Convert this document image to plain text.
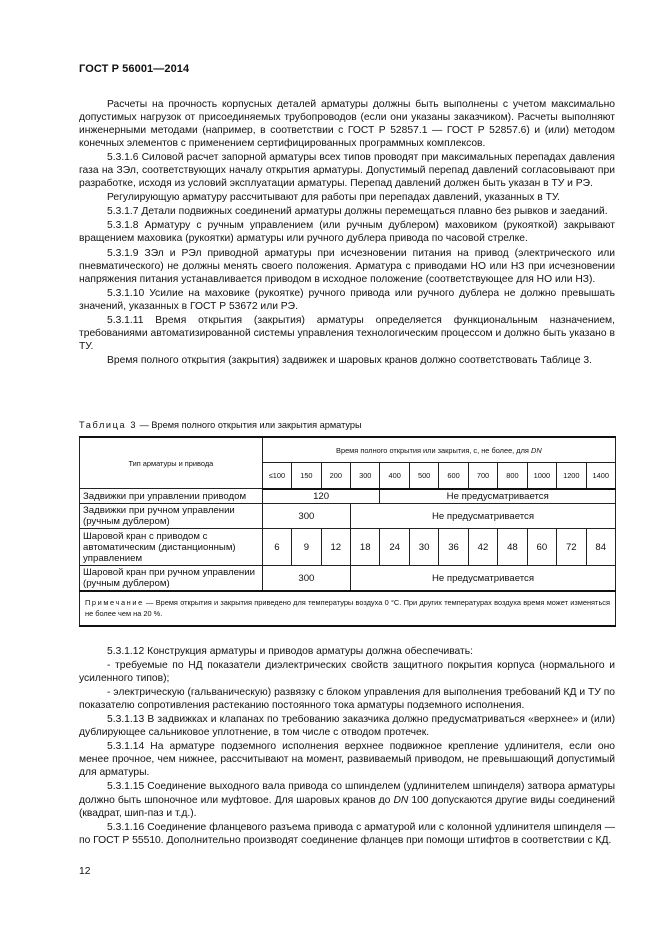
ГОСТ Р 56001—2014

Расчеты на прочность корпусных деталей арматуры должны быть выполнены с учетом максимально допустимых нагрузок от присоединяемых трубопроводов (если они указаны заказчиком). Расчеты выполняют инженерными методами (например, в соответствии с ГОСТ Р 52857.1 — ГОСТ Р 52857.6) и (или) методом конечных элементов с применением сертифицированных программных комплексов.

5.3.1.6 Силовой расчет запорной арматуры всех типов проводят при максимальных перепадах давления газа на ЗЭл, соответствующих началу открытия арматуры. Допустимый перепад давлений согласовывают при разработке, исходя из условий эксплуатации арматуры. Перепад давлений должен быть указан в ТУ и РЭ.

Регулирующую арматуру рассчитывают для работы при перепадах давлений, указанных в ТУ.

5.3.1.7 Детали подвижных соединений арматуры должны перемещаться плавно без рывков и заеданий.

5.3.1.8 Арматуру с ручным управлением (или ручным дублером) маховиком (рукояткой) закрывают вращением маховика (рукоятки) арматуры или ручного дублера привода по часовой стрелке.

5.3.1.9 ЗЭл и РЭл приводной арматуры при исчезновении питания на привод (электрического или пневматического) не должны менять своего положения. Арматура с приводами НО или НЗ при исчезновении напряжения питания устанавливается приводом в исходное положение (соответствующее для НО или НЗ).

5.3.1.10 Усилие на маховике (рукоятке) ручного привода или ручного дублера не должно превышать значений, указанных в ГОСТ Р 53672 или РЭ.

5.3.1.11 Время открытия (закрытия) арматуры определяется функциональным назначением, требованиями автоматизированной системы управления технологическим процессом и должно быть указано в ТУ.

Время полного открытия (закрытия) задвижек и шаровых кранов должно соответствовать Таблице 3.

Таблица 3 — Время полного открытия или закрытия арматуры
Тип арматуры и привода	Время полного открытия или закрытия, с, не более, для DN											
	≤100	150	200	300	400	500	600	700	800	1000	1200	1400
Задвижки при управлении приводом	120				Не предусматривается							
Задвижки при ручном управлении (ручным дублером)	300			Не предусматривается								
Шаровой кран с приводом с автоматическим (дистанционным) управлением	6	9	12	18	24	30	36	42	48	60	72	84
Шаровой кран при ручном управлении (ручным дублером)	300			Не предусматривается								
Примечание — Время открытия и закрытия приведено для температуры воздуха 0 °С. При других температурах воздуха время может изменяться не более чем на 20 %.												

5.3.1.12 Конструкция арматуры и приводов арматуры должна обеспечивать:

- требуемые по НД показатели диэлектрических свойств защитного покрытия корпуса (нормального и усиленного типов);

- электрическую (гальваническую) развязку с блоком управления для выполнения требований КД и ТУ по показателю сопротивления растеканию постоянного тока арматуры подземного исполнения.

5.3.1.13 В задвижках и клапанах по требованию заказчика должно предусматриваться «верхнее» и (или) дублирующее сальниковое уплотнение, в том числе с отводом протечек.

5.3.1.14 На арматуре подземного исполнения верхнее подвижное крепление удлинителя, если оно менее прочное, чем нижнее, рассчитывают на момент, развиваемый приводом, не превышающий допустимый для арматуры.

5.3.1.15 Соединение выходного вала привода со шпинделем (удлинителем шпинделя) затвора арматуры должно быть шпоночное или муфтовое. Для шаровых кранов до DN 100 допускаются другие виды соединений (квадрат, шип-паз и т.д.).

5.3.1.16 Соединение фланцевого разъема привода с арматурой или с колонной удлинителя шпинделя — по ГОСТ Р 55510. Дополнительно производят соединение фланцев при помощи штифтов в соответствии с КД.

12
